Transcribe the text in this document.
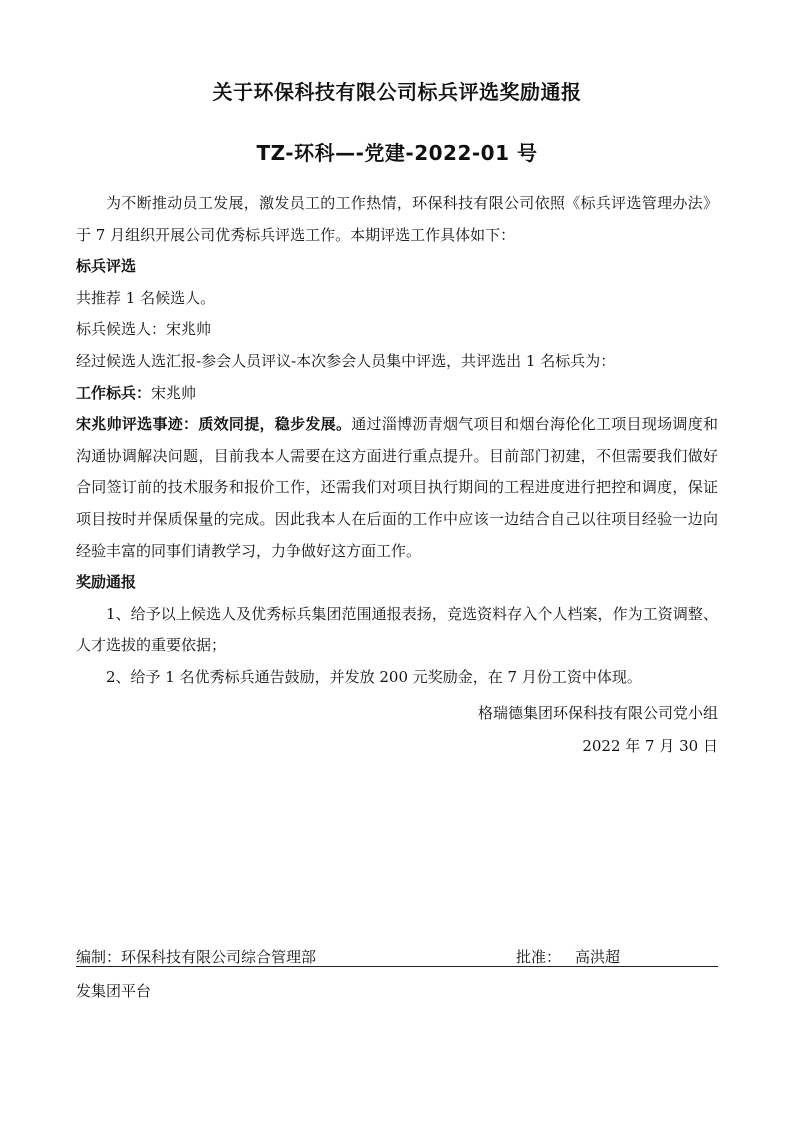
关于环保科技有限公司标兵评选奖励通报
TZ-环科—-党建-2022-01 号

为不断推动员工发展，激发员工的工作热情，环保科技有限公司依照《标兵评选管理办法》于 7 月组织开展公司优秀标兵评选工作。本期评选工作具体如下：

标兵评选

共推荐 1 名候选人。

标兵候选人：宋兆帅

经过候选人选汇报-参会人员评议-本次参会人员集中评选，共评选出 1 名标兵为：

工作标兵：宋兆帅

宋兆帅评选事迹：质效同提，稳步发展。通过淄博沥青烟气项目和烟台海伦化工项目现场调度和沟通协调解决问题，目前我本人需要在这方面进行重点提升。目前部门初建，不但需要我们做好合同签订前的技术服务和报价工作，还需我们对项目执行期间的工程进度进行把控和调度，保证项目按时并保质保量的完成。因此我本人在后面的工作中应该一边结合自己以往项目经验一边向经验丰富的同事们请教学习，力争做好这方面工作。

奖励通报

1、给予以上候选人及优秀标兵集团范围通报表扬，竞选资料存入个人档案，作为工资调整、人才选拔的重要依据；

2、给予 1 名优秀标兵通告鼓励，并发放 200 元奖励金，在 7 月份工资中体现。

格瑞德集团环保科技有限公司党小组
2022 年 7 月 30 日
编制：环保科技有限公司综合管理部	批准： 高洪超
发集团平台
